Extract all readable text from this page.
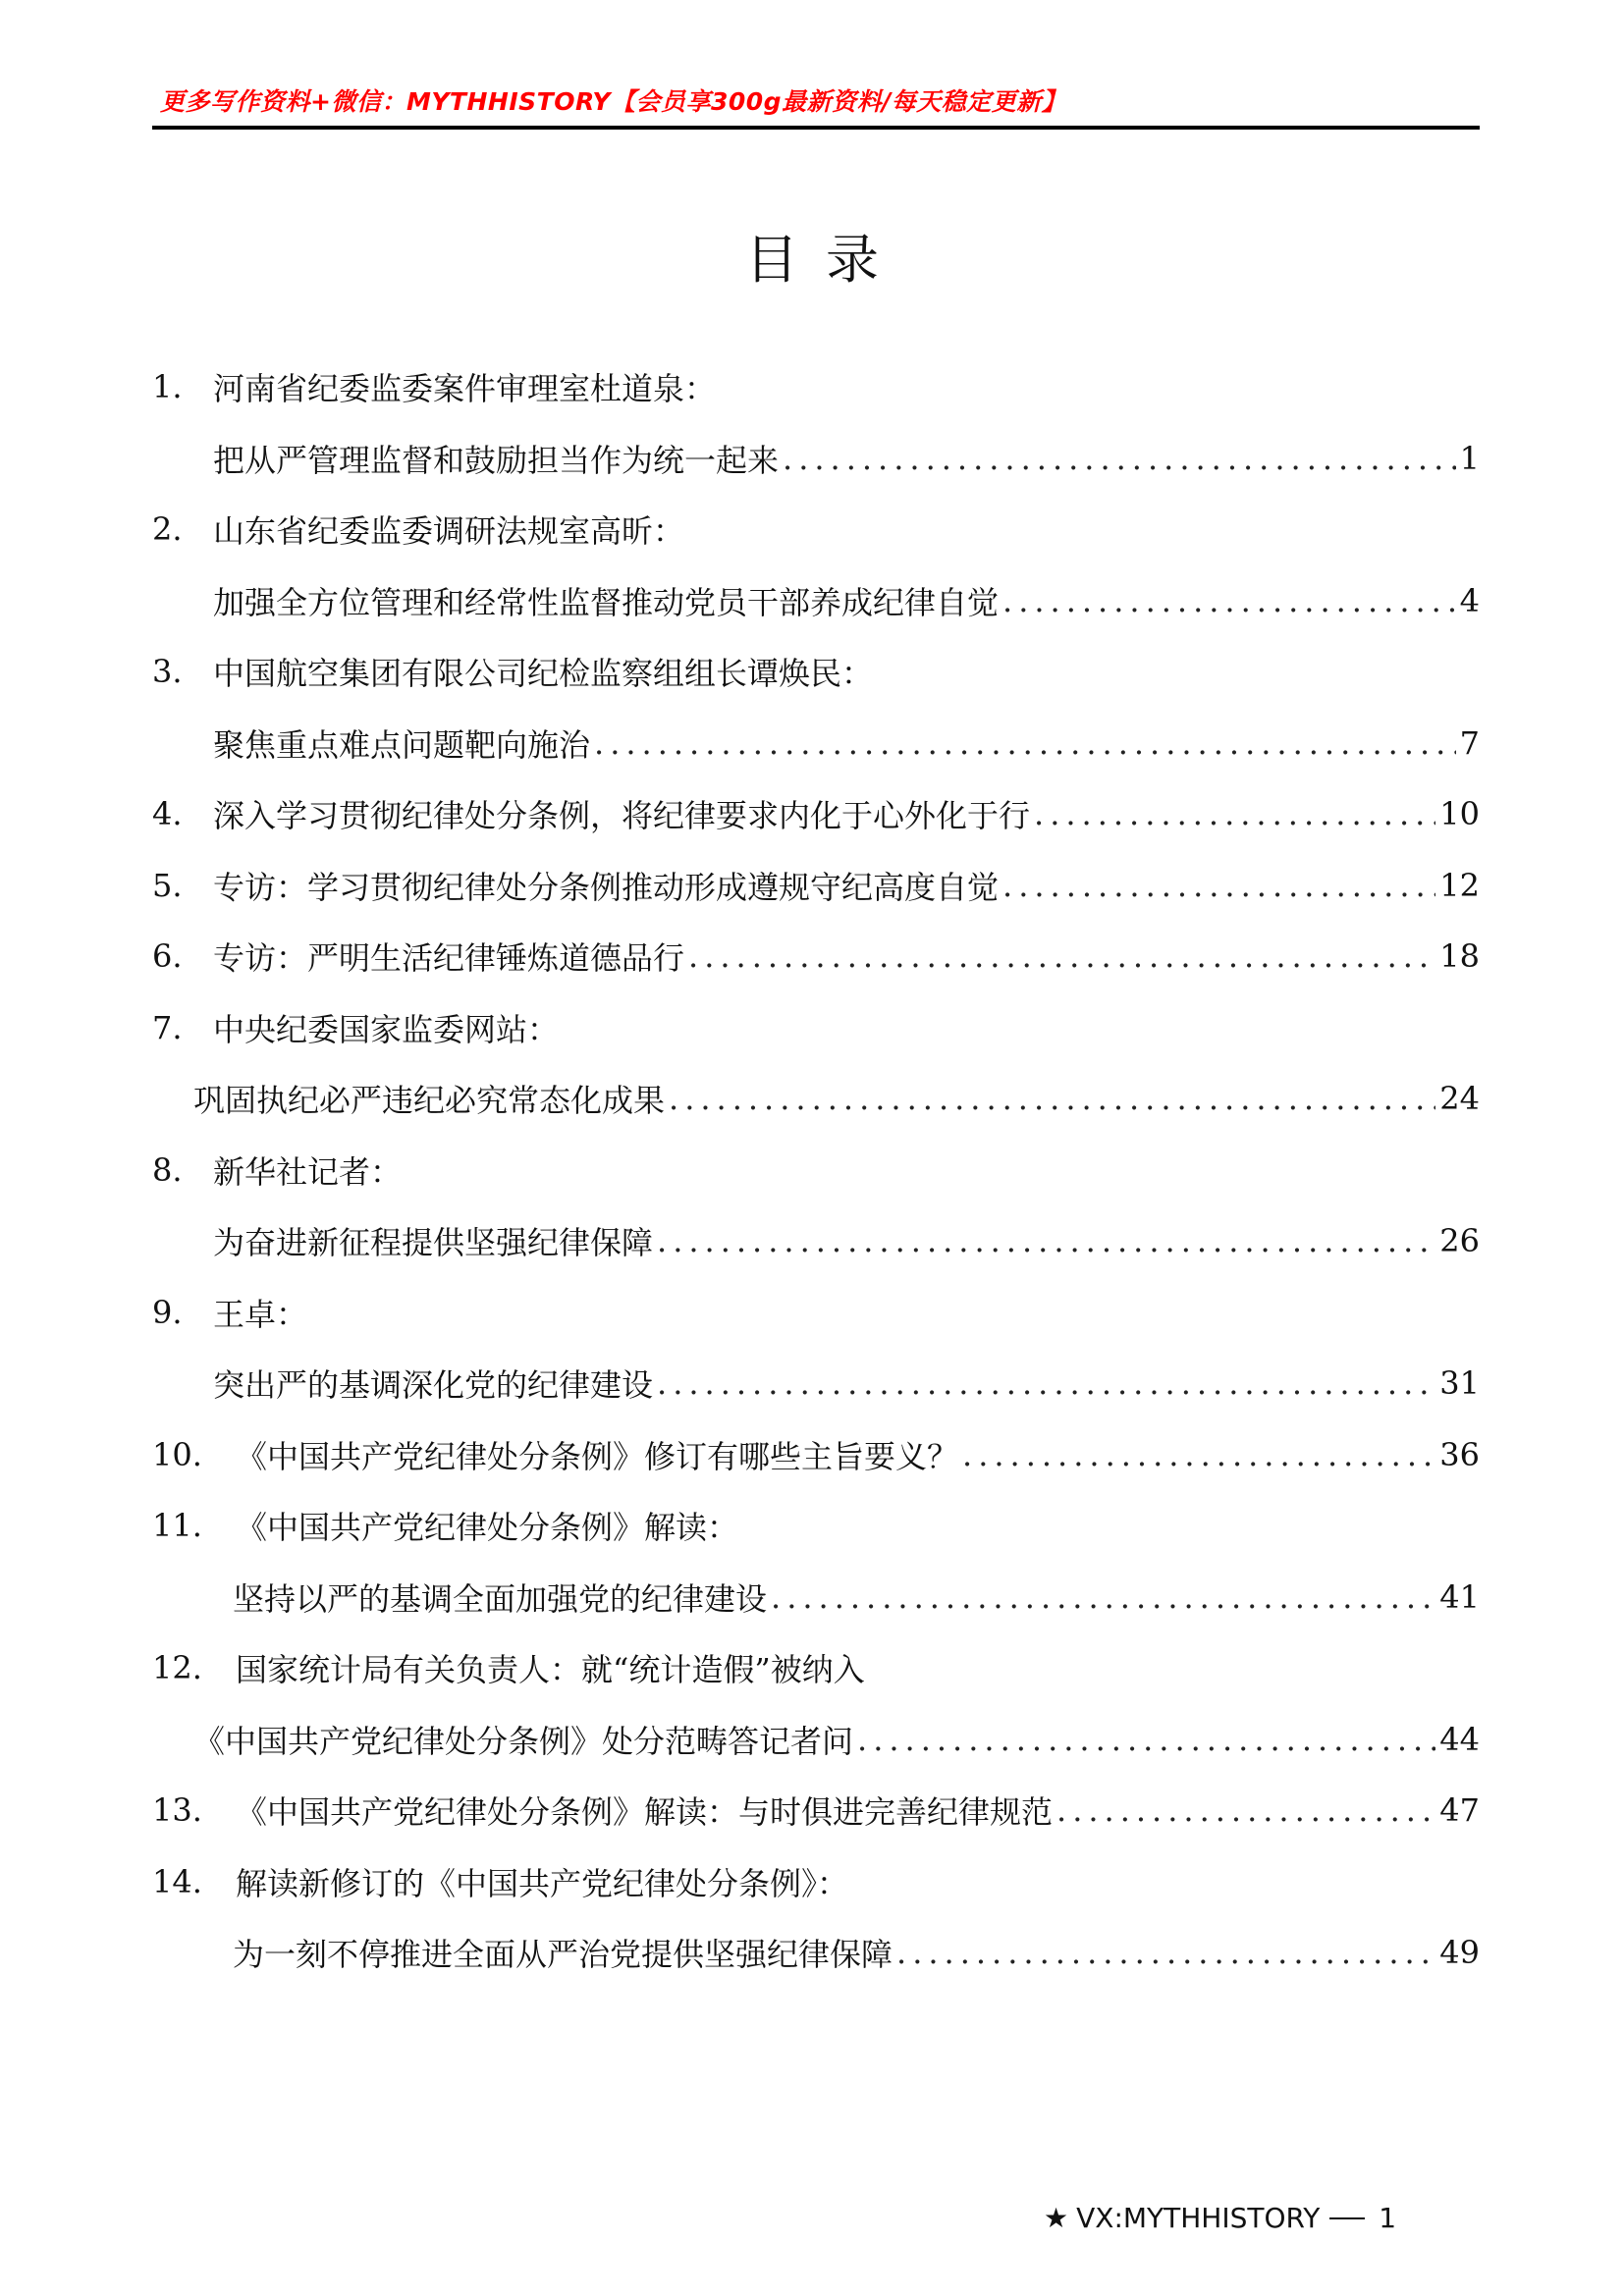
更多写作资料+微信：MYTHHISTORY【会员享300g最新资料/每天稳定更新】
目录
1. 河南省纪委监委案件审理室杜道泉：
把从严管理监督和鼓励担当作为统一起来 .....	1
2. 山东省纪委监委调研法规室高昕：
加强全方位管理和经常性监督推动党员干部养成纪律自觉 .....	4
3. 中国航空集团有限公司纪检监察组组长谭焕民：
聚焦重点难点问题靶向施治 .....	7
4. 深入学习贯彻纪律处分条例，将纪律要求内化于心外化于行 .....	10
5. 专访：学习贯彻纪律处分条例推动形成遵规守纪高度自觉 .....	12
6. 专访：严明生活纪律锤炼道德品行 .....	18
7. 中央纪委国家监委网站：
巩固执纪必严违纪必究常态化成果 .....	24
8. 新华社记者：
为奋进新征程提供坚强纪律保障 .....	26
9. 王卓：
突出严的基调深化党的纪律建设 .....	31
10.	《中国共产党纪律处分条例》修订有哪些主旨要义？ .....	36
11.	《中国共产党纪律处分条例》解读：
坚持以严的基调全面加强党的纪律建设 .....	41
12.	国家统计局有关负责人：就“统计造假”被纳入
《中国共产党纪律处分条例》处分范畴答记者问 .....	44
13.	《中国共产党纪律处分条例》解读：与时俱进完善纪律规范 .....	47
14.	解读新修订的《中国共产党纪律处分条例》：
为一刻不停推进全面从严治党提供坚强纪律保障 .....	49
★ VX:MYTHHISTORY 1
